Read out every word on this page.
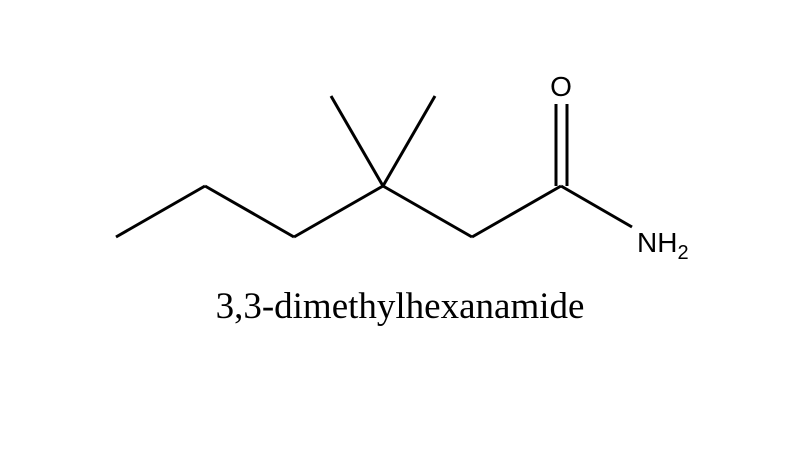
O
$NH_2$
3,3-dimethylhexanamide
